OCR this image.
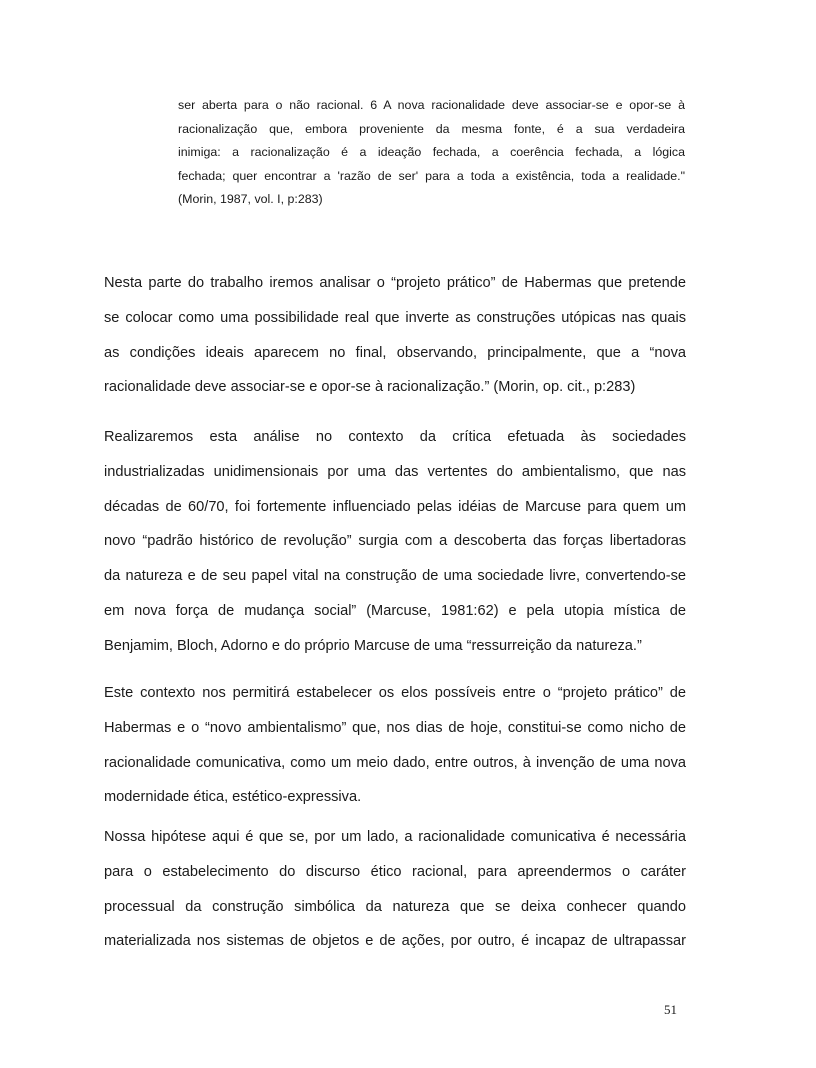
ser aberta para o não racional. 6 A nova racionalidade deve associar-se e opor-se à
racionalização que, embora proveniente da mesma fonte, é a sua verdadeira
inimiga: a racionalização é a ideação fechada, a coerência fechada, a lógica
fechada; quer encontrar a 'razão de ser' para a toda a existência, toda a realidade."
(Morin, 1987, vol. I, p:283)
Nesta parte do trabalho iremos analisar o “projeto prático” de Habermas que pretende
se colocar como uma possibilidade real que inverte as construções utópicas nas quais
as condições ideais aparecem no final, observando, principalmente, que a “nova
racionalidade deve associar-se e opor-se à racionalização.” (Morin, op. cit., p:283)
Realizaremos esta análise no contexto da crítica efetuada às sociedades
industrializadas unidimensionais por uma das vertentes do ambientalismo, que nas
décadas de 60/70, foi fortemente influenciado pelas idéias de Marcuse para quem um
novo “padrão histórico de revolução” surgia com a descoberta das forças libertadoras
da natureza e de seu papel vital na construção de uma sociedade livre, convertendo-se
em nova força de mudança social” (Marcuse, 1981:62) e pela utopia mística de
Benjamim, Bloch, Adorno e do próprio Marcuse de uma “ressurreição da natureza.”
Este contexto nos permitirá estabelecer os elos possíveis entre o “projeto prático” de
Habermas e o “novo ambientalismo” que, nos dias de hoje, constitui-se como nicho de
racionalidade comunicativa, como um meio dado, entre outros, à invenção de uma nova
modernidade ética, estético-expressiva.
Nossa hipótese aqui é que se, por um lado, a racionalidade comunicativa é necessária
para o estabelecimento do discurso ético racional, para apreendermos o caráter
processual da construção simbólica da natureza que se deixa conhecer quando
materializada nos sistemas de objetos e de ações, por outro, é incapaz de ultrapassar
51
